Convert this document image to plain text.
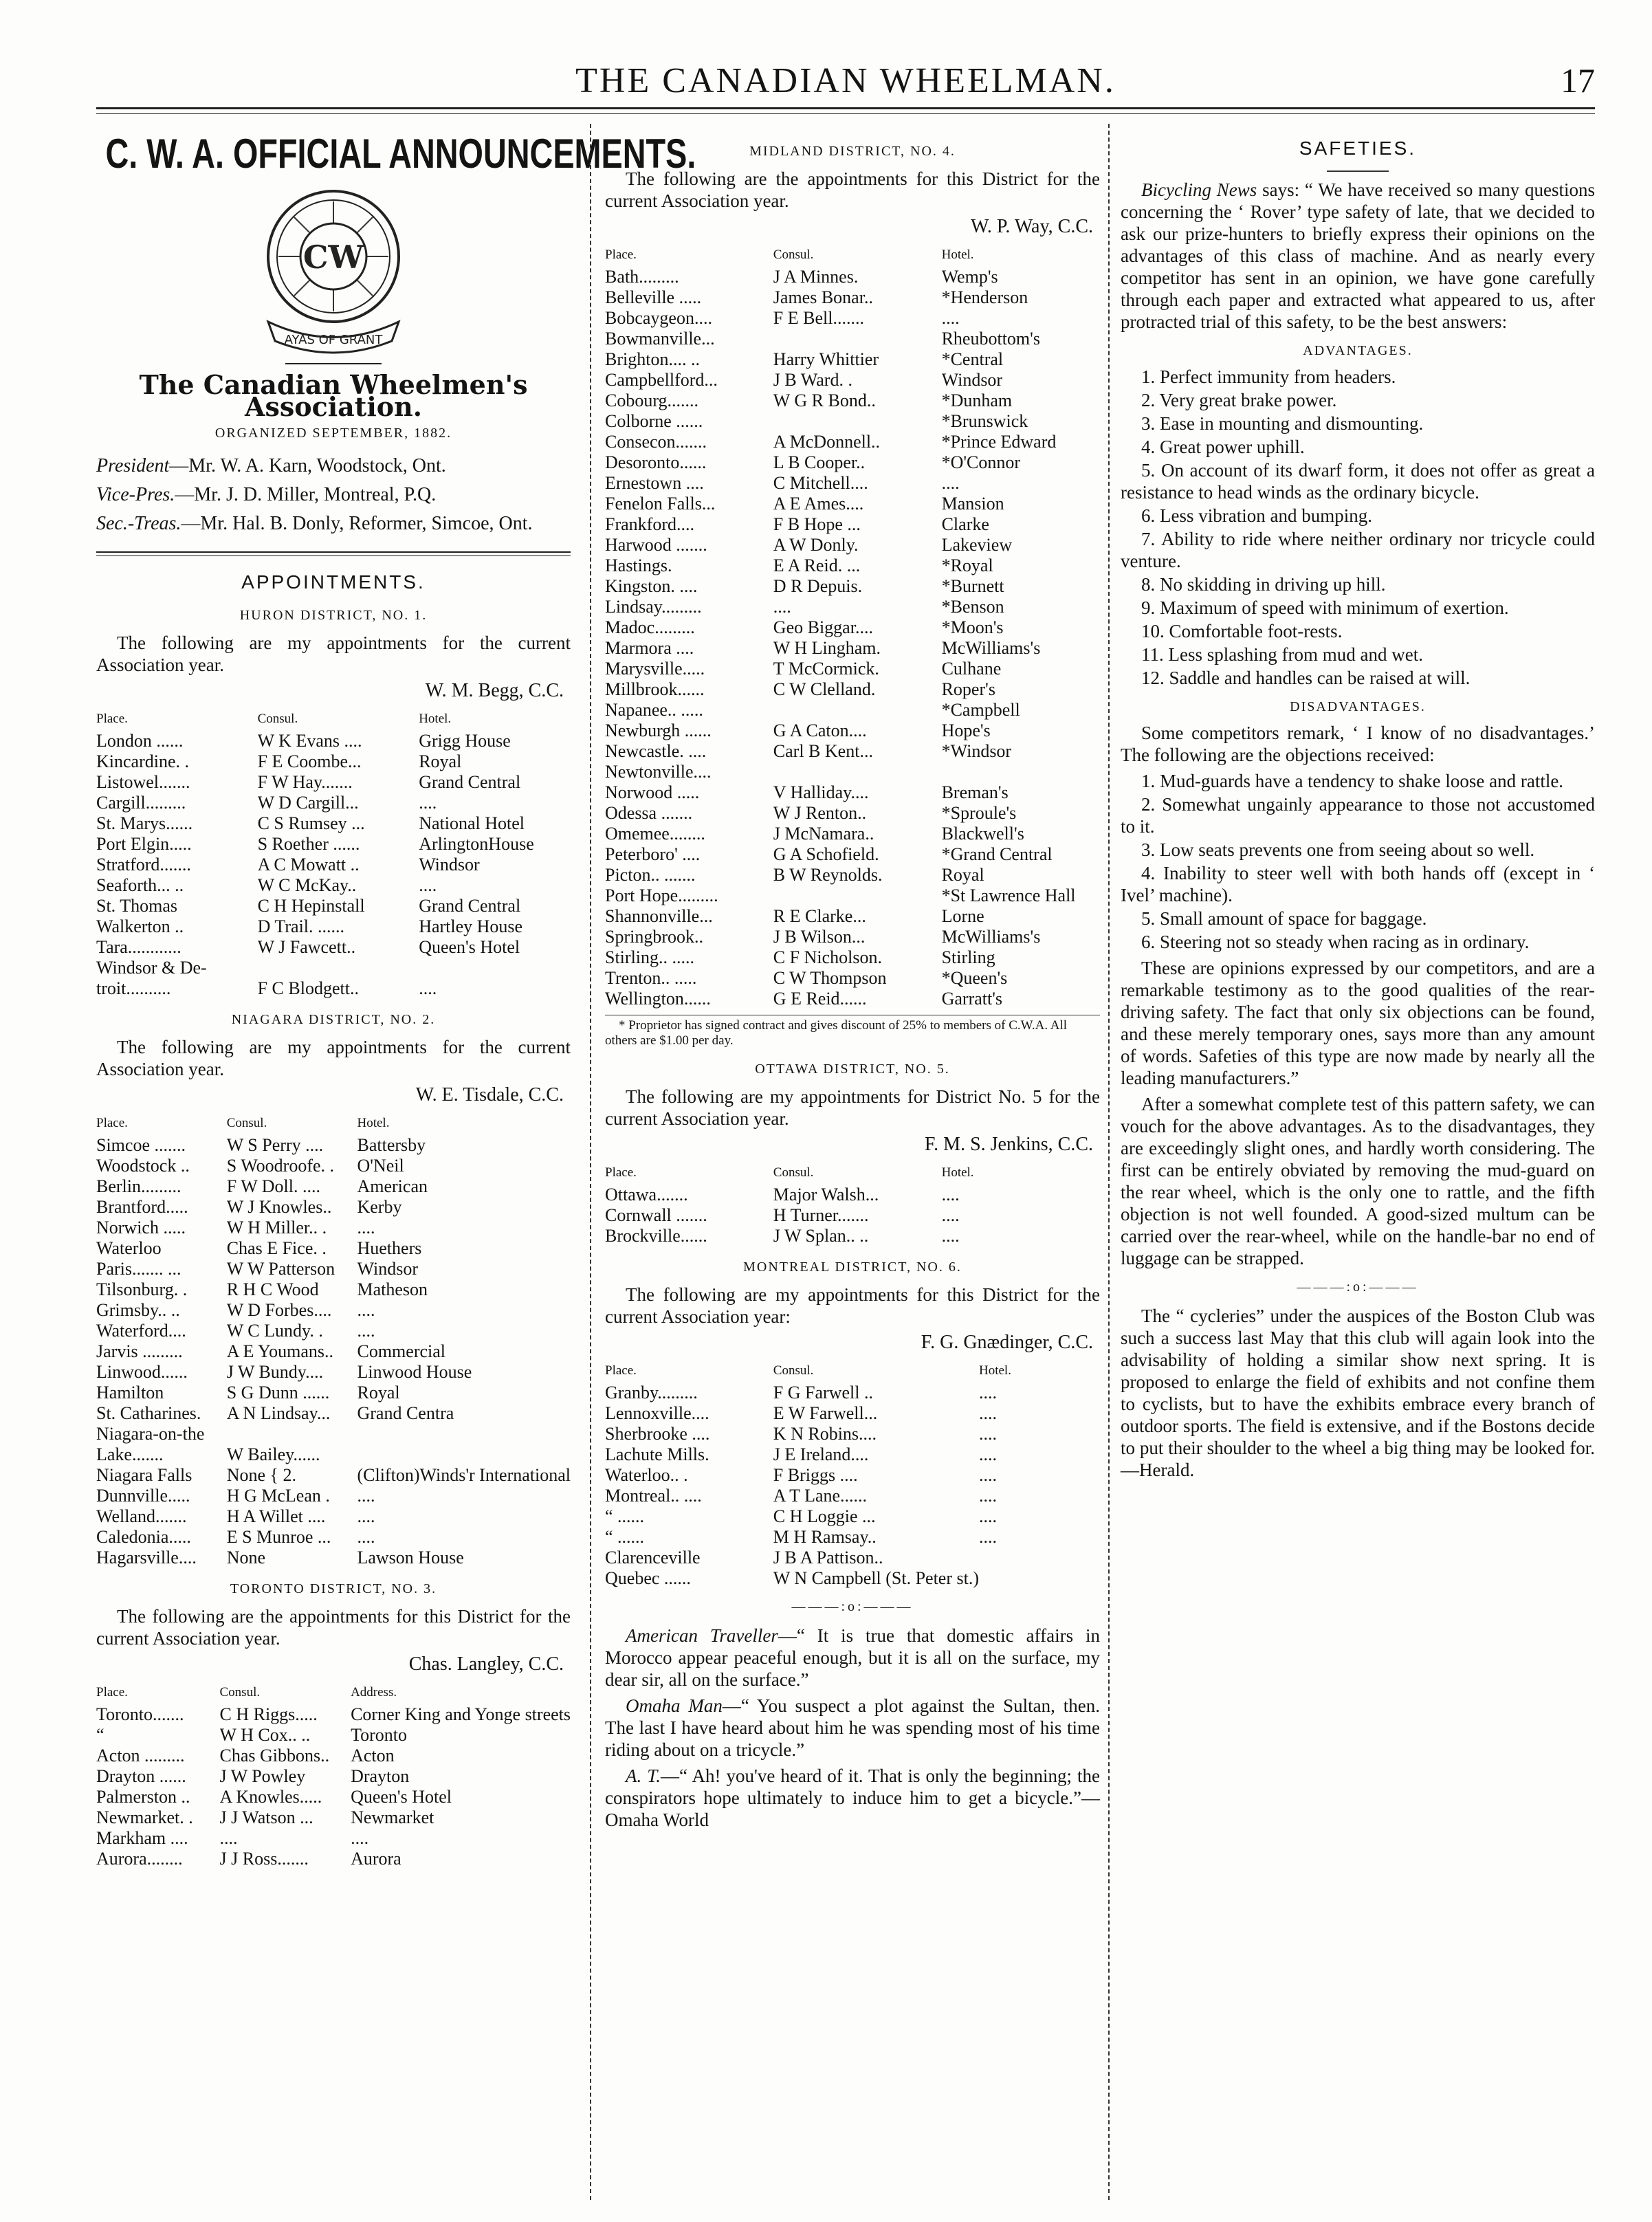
THE CANADIAN WHEELMAN.	17
C. W. A. OFFICIAL ANNOUNCEMENTS.
CW
AYAS OF GRANT
The Canadian Wheelmen's Association.
ORGANIZED SEPTEMBER, 1882.

President—Mr. W. A. Karn, Woodstock, Ont.

Vice-Pres.—Mr. J. D. Miller, Montreal, P.Q.

Sec.-Treas.—Mr. Hal. B. Donly, Reformer, Simcoe, Ont.

APPOINTMENTS.
HURON DISTRICT, NO. 1.

The following are my appointments for the current Association year.

W. M. Begg, C.C.
Place.	Consul.	Hotel.
London ......	W K Evans ....	Grigg House
Kincardine. .	F E Coombe...	Royal
Listowel.......	F W Hay.......	Grand Central
Cargill.........	W D Cargill...	....
St. Marys......	C S Rumsey ...	National Hotel
Port Elgin.....	S Roether ......	ArlingtonHouse
Stratford.......	A C Mowatt ..	Windsor
Seaforth... ..	W C McKay..	....
St. Thomas	C H Hepinstall	Grand Central
Walkerton ..	D Trail. ......	Hartley House
Tara............	W J Fawcett..	Queen's Hotel
Windsor & De-		
troit..........	F C Blodgett..	....
NIAGARA DISTRICT, NO. 2.

The following are my appointments for the current Association year.

W. E. Tisdale, C.C.
Place.	Consul.	Hotel.
Simcoe .......	W S Perry ....	Battersby
Woodstock ..	S Woodroofe. .	O'Neil
Berlin.........	F W Doll. ....	American
Brantford.....	W J Knowles..	Kerby
Norwich .....	W H Miller.. .	....
Waterloo	Chas E Fice. .	Huethers
Paris....... ...	W W Patterson	Windsor
Tilsonburg. .	R H C Wood	Matheson
Grimsby.. ..	W D Forbes....	....
Waterford....	W C Lundy. .	....
Jarvis .........	A E Youmans..	Commercial
Linwood......	J W Bundy....	Linwood House
Hamilton	S G Dunn ......	Royal
St. Catharines.	A N Lindsay...	Grand Centra
Niagara-on-the		
Lake.......	W Bailey......	
Niagara Falls	None { 2.	(Clifton)Winds'r International
Dunnville.....	H G McLean .	....
Welland.......	H A Willet ....	....
Caledonia.....	E S Munroe ...	....
Hagarsville....	None	Lawson House
TORONTO DISTRICT, NO. 3.

The following are the appointments for this District for the current Association year.

Chas. Langley, C.C.
Place.	Consul.	Address.
Toronto.......	C H Riggs.....	Corner King and Yonge streets
“	W H Cox.. ..	Toronto
Acton .........	Chas Gibbons..	Acton
Drayton ......	J W Powley	Drayton
Palmerston ..	A Knowles.....	Queen's Hotel
Newmarket. .	J J Watson ...	Newmarket
Markham ....	....	....
Aurora........	J J Ross.......	Aurora
MIDLAND DISTRICT, NO. 4.

The following are the appointments for this District for the current Association year.

W. P. Way, C.C.
Place.	Consul.	Hotel.
Bath.........	J A Minnes.	Wemp's
Belleville .....	James Bonar..	*Henderson
Bobcaygeon....	F E Bell.......	....
Bowmanville...		Rheubottom's
Brighton.... ..	Harry Whittier	*Central
Campbellford...	J B Ward. .	Windsor
Cobourg.......	W G R Bond..	*Dunham
Colborne ......		*Brunswick
Consecon.......	A McDonnell..	*Prince Edward
Desoronto......	L B Cooper..	*O'Connor
Ernestown ....	C Mitchell....	....
Fenelon Falls...	A E Ames....	Mansion
Frankford....	F B Hope ...	Clarke
Harwood .......	A W Donly.	Lakeview
Hastings.	E A Reid. ...	*Royal
Kingston. ....	D R Depuis.	*Burnett
Lindsay.........	....	*Benson
Madoc.........	Geo Biggar....	*Moon's
Marmora ....	W H Lingham.	McWilliams's
Marysville.....	T McCormick.	Culhane
Millbrook......	C W Clelland.	Roper's
Napanee.. .....		*Campbell
Newburgh ......	G A Caton....	Hope's
Newcastle. ....	Carl B Kent...	*Windsor
Newtonville....		
Norwood .....	V Halliday....	Breman's
Odessa .......	W J Renton..	*Sproule's
Omemee........	J McNamara..	Blackwell's
Peterboro' ....	G A Schofield.	*Grand Central
Picton.. .......	B W Reynolds.	Royal
Port Hope.........		*St Lawrence Hall
Shannonville...	R E Clarke...	Lorne
Springbrook..	J B Wilson...	McWilliams's
Stirling.. .....	C F Nicholson.	Stirling
Trenton.. .....	C W Thompson	*Queen's
Wellington......	G E Reid......	Garratt's
* Proprietor has signed contract and gives discount of 25% to members of C.W.A. All others are $1.00 per day.
OTTAWA DISTRICT, NO. 5.

The following are my appointments for District No. 5 for the current Association year.

F. M. S. Jenkins, C.C.
Place.	Consul.	Hotel.
Ottawa.......	Major Walsh...	....
Cornwall .......	H Turner.......	....
Brockville......	J W Splan.. ..	....
MONTREAL DISTRICT, NO. 6.

The following are my appointments for this District for the current Association year:

F. G. Gnædinger, C.C.
Place.	Consul.	Hotel.
Granby.........	F G Farwell ..	....
Lennoxville....	E W Farwell...	....
Sherbrooke ....	K N Robins....	....
Lachute Mills.	J E Ireland....	....
Waterloo.. .	F Briggs ....	....
Montreal.. ....	A T Lane......	....
“ ......	C H Loggie ...	....
“ ......	M H Ramsay..	....
Clarenceville	J B A Pattison..	
Quebec ......	W N Campbell (St. Peter st.)	
———:o:———

American Traveller—“ It is true that domestic affairs in Morocco appear peaceful enough, but it is all on the surface, my dear sir, all on the surface.”

Omaha Man—“ You suspect a plot against the Sultan, then. The last I have heard about him he was spending most of his time riding about on a tricycle.”

A. T.—“ Ah! you've heard of it. That is only the beginning; the conspirators hope ultimately to induce him to get a bicycle.”—Omaha World

SAFETIES.

Bicycling News says: “ We have received so many questions concerning the ‘ Rover’ type safety of late, that we decided to ask our prize-hunters to briefly express their opinions on the advantages of this class of machine. And as nearly every competitor has sent in an opinion, we have gone carefully through each paper and extracted what appeared to us, after protracted trial of this safety, to be the best answers:

ADVANTAGES.
1. Perfect immunity from headers.
2. Very great brake power.
3. Ease in mounting and dismounting.
4. Great power uphill.
5. On account of its dwarf form, it does not offer as great a resistance to head winds as the ordinary bicycle.
6. Less vibration and bumping.
7. Ability to ride where neither ordinary nor tricycle could venture.
8. No skidding in driving up hill.
9. Maximum of speed with minimum of exertion.
10. Comfortable foot-rests.
11. Less splashing from mud and wet.
12. Saddle and handles can be raised at will.
DISADVANTAGES.

Some competitors remark, ‘ I know of no disadvantages.’ The following are the objections received:

1. Mud-guards have a tendency to shake loose and rattle.
2. Somewhat ungainly appearance to those not accustomed to it.
3. Low seats prevents one from seeing about so well.
4. Inability to steer well with both hands off (except in ‘ Ivel’ machine).
5. Small amount of space for baggage.
6. Steering not so steady when racing as in ordinary.

These are opinions expressed by our competitors, and are a remarkable testimony as to the good qualities of the rear-driving safety. The fact that only six objections can be found, and these merely temporary ones, says more than any amount of words. Safeties of this type are now made by nearly all the leading manufacturers.”

After a somewhat complete test of this pattern safety, we can vouch for the above advantages. As to the disadvantages, they are exceedingly slight ones, and hardly worth considering. The first can be entirely obviated by removing the mud-guard on the rear wheel, which is the only one to rattle, and the fifth objection is not well founded. A good-sized multum can be carried over the rear-wheel, while on the handle-bar no end of luggage can be strapped.

———:o:———

The “ cycleries” under the auspices of the Boston Club was such a success last May that this club will again look into the advisability of holding a similar show next spring. It is proposed to enlarge the field of exhibits and not confine them to cyclists, but to have the exhibits embrace every branch of outdoor sports. The field is extensive, and if the Bostons decide to put their shoulder to the wheel a big thing may be looked for.—Herald.
